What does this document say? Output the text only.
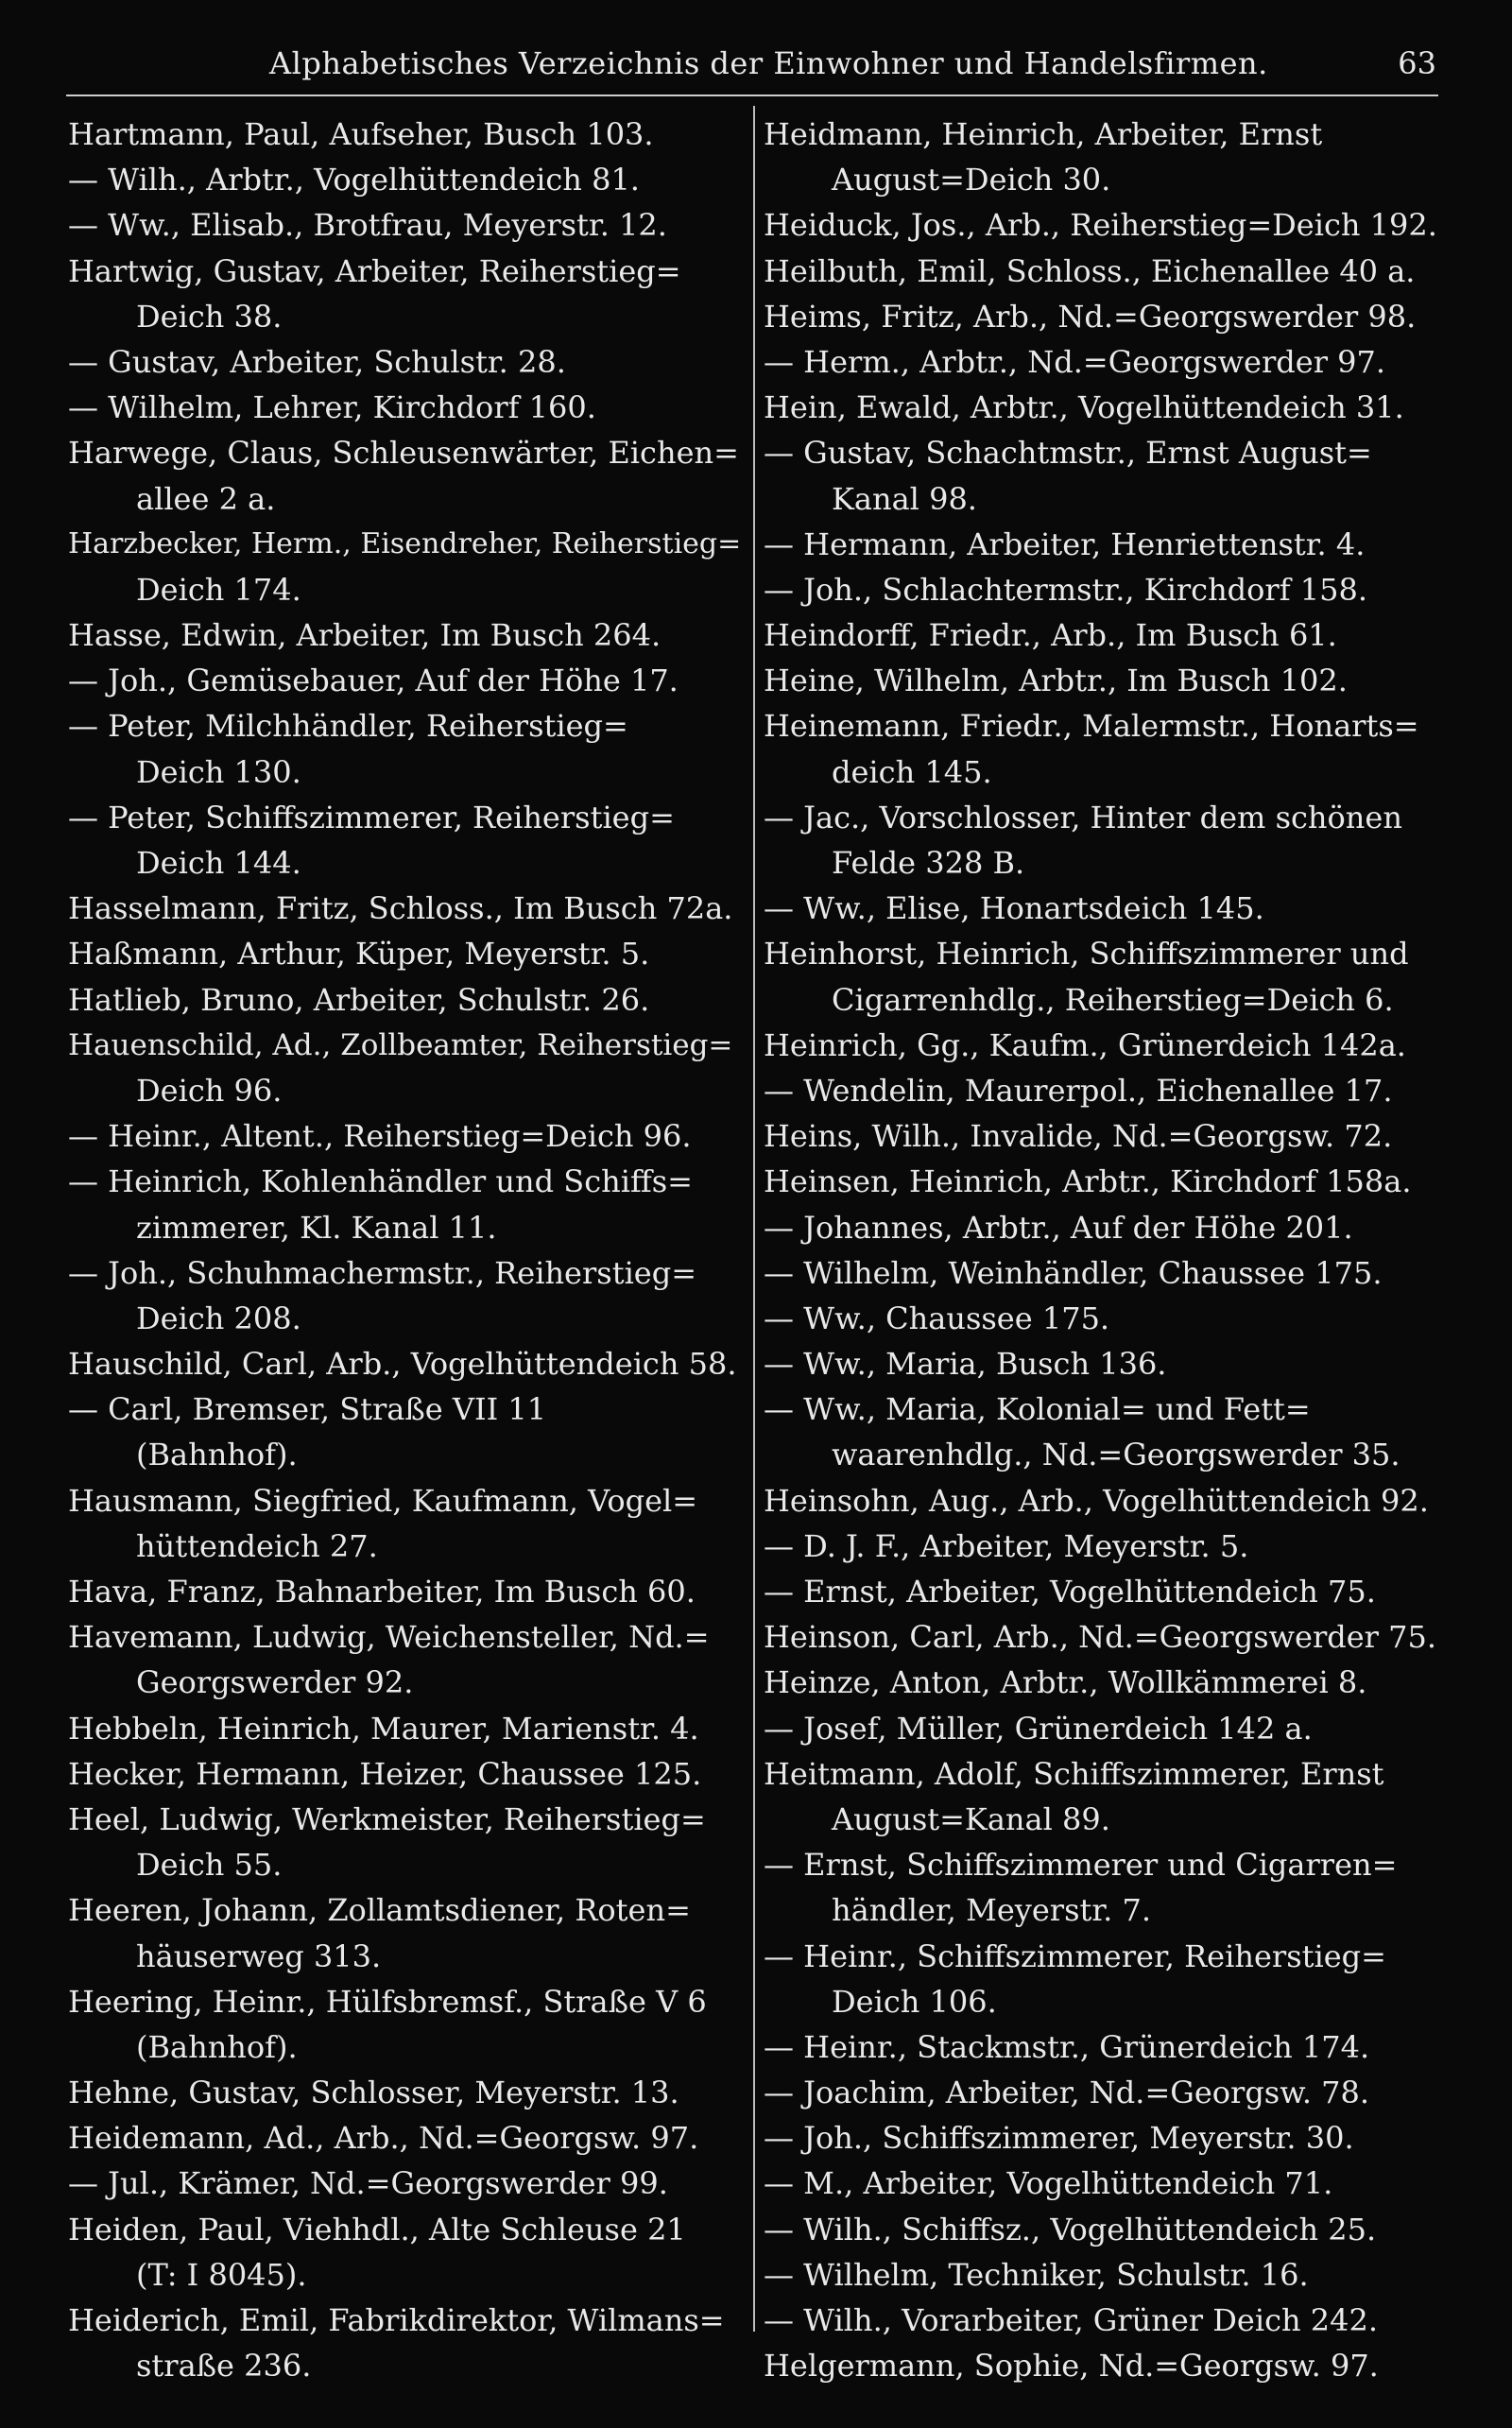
Alphabetisches Verzeichnis der Einwohner und Handelsfirmen.	63
Hartmann, Paul, Aufseher, Busch 103.
— Wilh., Arbtr., Vogelhüttendeich 81.
— Ww., Elisab., Brotfrau, Meyerstr. 12.
Hartwig, Gustav, Arbeiter, Reiherstieg=
Deich 38.
— Gustav, Arbeiter, Schulstr. 28.
— Wilhelm, Lehrer, Kirchdorf 160.
Harwege, Claus, Schleusenwärter, Eichen=
allee 2 a.
Harzbecker, Herm., Eisendreher, Reiherstieg=
Deich 174.
Hasse, Edwin, Arbeiter, Im Busch 264.
— Joh., Gemüsebauer, Auf der Höhe 17.
— Peter, Milchhändler, Reiherstieg=
Deich 130.
— Peter, Schiffszimmerer, Reiherstieg=
Deich 144.
Hasselmann, Fritz, Schloss., Im Busch 72a.
Haßmann, Arthur, Küper, Meyerstr. 5.
Hatlieb, Bruno, Arbeiter, Schulstr. 26.
Hauenschild, Ad., Zollbeamter, Reiherstieg=
Deich 96.
— Heinr., Altent., Reiherstieg=Deich 96.
— Heinrich, Kohlenhändler und Schiffs=
zimmerer, Kl. Kanal 11.
— Joh., Schuhmachermstr., Reiherstieg=
Deich 208.
Hauschild, Carl, Arb., Vogelhüttendeich 58.
— Carl, Bremser, Straße VII 11
(Bahnhof).
Hausmann, Siegfried, Kaufmann, Vogel=
hüttendeich 27.
Hava, Franz, Bahnarbeiter, Im Busch 60.
Havemann, Ludwig, Weichensteller, Nd.=
Georgswerder 92.
Hebbeln, Heinrich, Maurer, Marienstr. 4.
Hecker, Hermann, Heizer, Chaussee 125.
Heel, Ludwig, Werkmeister, Reiherstieg=
Deich 55.
Heeren, Johann, Zollamtsdiener, Roten=
häuserweg 313.
Heering, Heinr., Hülfsbremsf., Straße V 6
(Bahnhof).
Hehne, Gustav, Schlosser, Meyerstr. 13.
Heidemann, Ad., Arb., Nd.=Georgsw. 97.
— Jul., Krämer, Nd.=Georgswerder 99.
Heiden, Paul, Viehhdl., Alte Schleuse 21
(T: I 8045).
Heiderich, Emil, Fabrikdirektor, Wilmans=
straße 236.
Heidmann, Heinrich, Arbeiter, Ernst
August=Deich 30.
Heiduck, Jos., Arb., Reiherstieg=Deich 192.
Heilbuth, Emil, Schloss., Eichenallee 40 a.
Heims, Fritz, Arb., Nd.=Georgswerder 98.
— Herm., Arbtr., Nd.=Georgswerder 97.
Hein, Ewald, Arbtr., Vogelhüttendeich 31.
— Gustav, Schachtmstr., Ernst August=
Kanal 98.
— Hermann, Arbeiter, Henriettenstr. 4.
— Joh., Schlachtermstr., Kirchdorf 158.
Heindorff, Friedr., Arb., Im Busch 61.
Heine, Wilhelm, Arbtr., Im Busch 102.
Heinemann, Friedr., Malermstr., Honarts=
deich 145.
— Jac., Vorschlosser, Hinter dem schönen
Felde 328 B.
— Ww., Elise, Honartsdeich 145.
Heinhorst, Heinrich, Schiffszimmerer und
Cigarrenhdlg., Reiherstieg=Deich 6.
Heinrich, Gg., Kaufm., Grünerdeich 142a.
— Wendelin, Maurerpol., Eichenallee 17.
Heins, Wilh., Invalide, Nd.=Georgsw. 72.
Heinsen, Heinrich, Arbtr., Kirchdorf 158a.
— Johannes, Arbtr., Auf der Höhe 201.
— Wilhelm, Weinhändler, Chaussee 175.
— Ww., Chaussee 175.
— Ww., Maria, Busch 136.
— Ww., Maria, Kolonial= und Fett=
waarenhdlg., Nd.=Georgswerder 35.
Heinsohn, Aug., Arb., Vogelhüttendeich 92.
— D. J. F., Arbeiter, Meyerstr. 5.
— Ernst, Arbeiter, Vogelhüttendeich 75.
Heinson, Carl, Arb., Nd.=Georgswerder 75.
Heinze, Anton, Arbtr., Wollkämmerei 8.
— Josef, Müller, Grünerdeich 142 a.
Heitmann, Adolf, Schiffszimmerer, Ernst
August=Kanal 89.
— Ernst, Schiffszimmerer und Cigarren=
händler, Meyerstr. 7.
— Heinr., Schiffszimmerer, Reiherstieg=
Deich 106.
— Heinr., Stackmstr., Grünerdeich 174.
— Joachim, Arbeiter, Nd.=Georgsw. 78.
— Joh., Schiffszimmerer, Meyerstr. 30.
— M., Arbeiter, Vogelhüttendeich 71.
— Wilh., Schiffsz., Vogelhüttendeich 25.
— Wilhelm, Techniker, Schulstr. 16.
— Wilh., Vorarbeiter, Grüner Deich 242.
Helgermann, Sophie, Nd.=Georgsw. 97.
